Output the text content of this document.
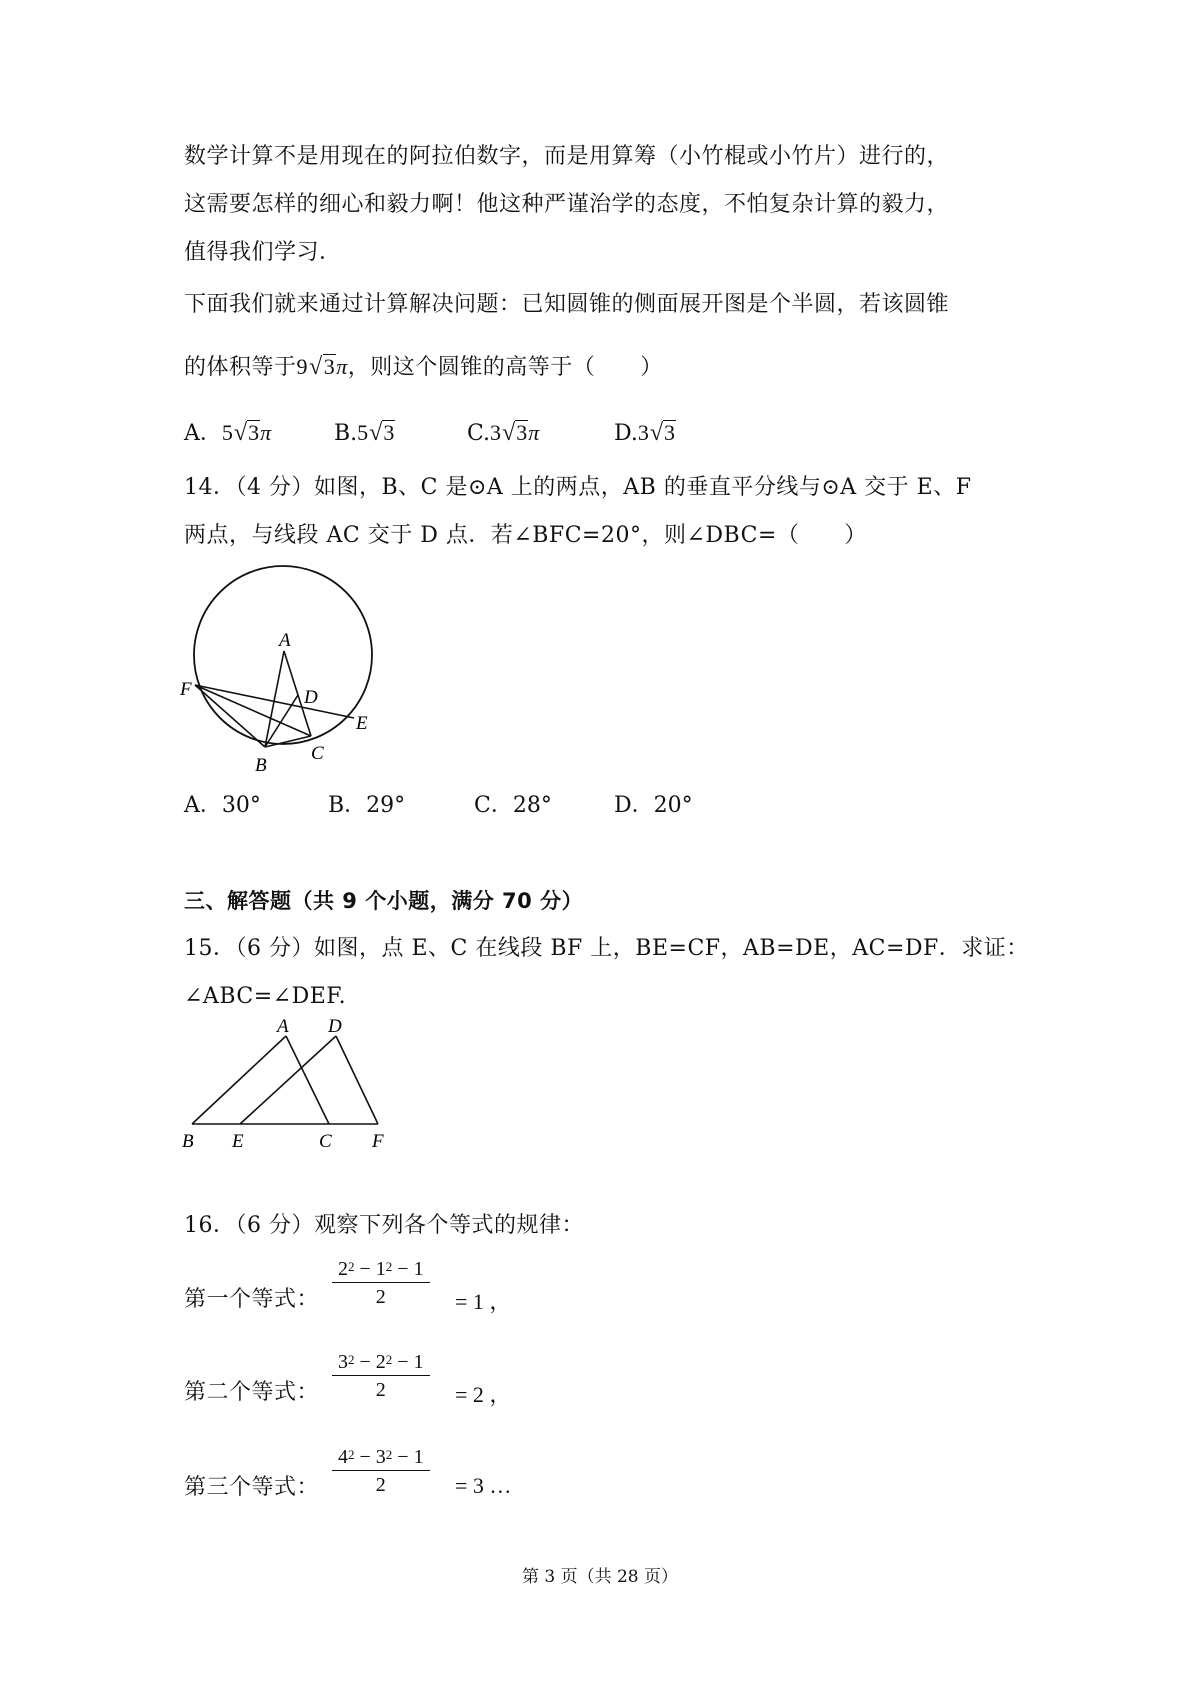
数学计算不是用现在的阿拉伯数字，而是用算筹（小竹棍或小竹片）进行的，
这需要怎样的细心和毅力啊！他这种严谨治学的态度，不怕复杂计算的毅力，
值得我们学习．
下面我们就来通过计算解决问题：已知圆锥的侧面展开图是个半圆，若该圆锥
的体积等于9√3π，则这个圆锥的高等于（　　）
A．5√3π	B.5√3	C.3√3π	D.3√3
14．（4 分）如图，B、C 是⊙A 上的两点，AB 的垂直平分线与⊙A 交于 E、F
两点，与线段 AC 交于 D 点．若∠BFC=20°，则∠DBC=（　　）
A
D
F
E
B
C
A．30°	B．29°	C．28°	D．20°
三、解答题（共 9 个小题，满分 70 分）
15．（6 分）如图，点 E、C 在线段 BF 上，BE=CF，AB=DE，AC=DF．求证：
∠ABC=∠DEF.
A D
B E	C F
16．（6 分）观察下列各个等式的规律：
第一个等式： $\frac{2^2 - 1^2 - 1}{2} = 1$ ，
第二个等式： $\frac{3^2 - 2^2 - 1}{2} = 2$ ，
第三个等式： $\frac{4^2 - 3^2 - 1}{2} = 3$ …
第 3 页（共 28 页）
